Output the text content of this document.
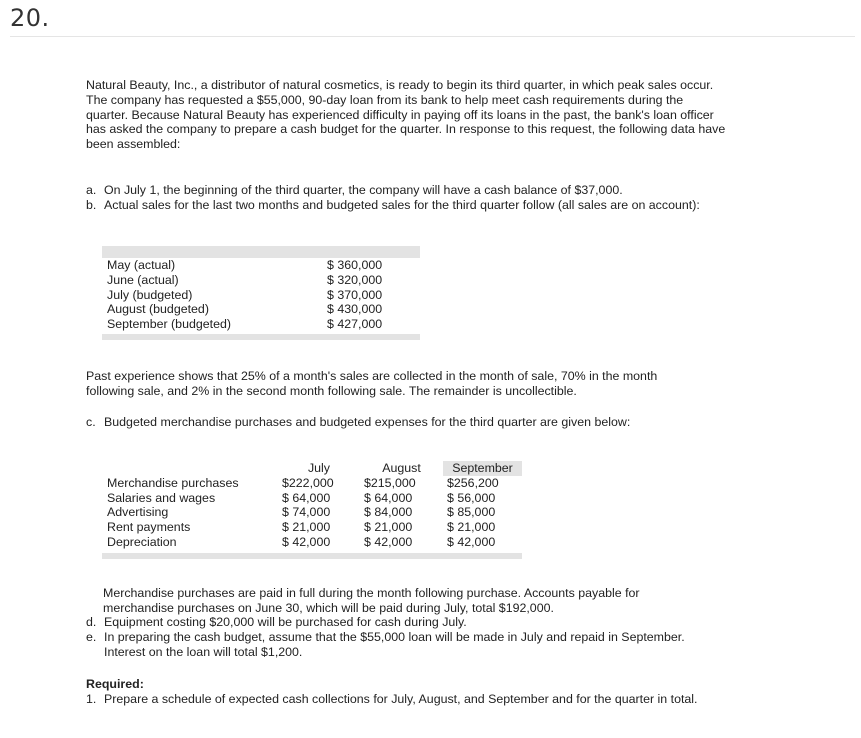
20.
Natural Beauty, Inc., a distributor of natural cosmetics, is ready to begin its third quarter, in which peak sales occur. The company has requested a $55,000, 90-day loan from its bank to help meet cash requirements during the quarter. Because Natural Beauty has experienced difficulty in paying off its loans in the past, the bank's loan officer has asked the company to prepare a cash budget for the quarter. In response to this request, the following data have been assembled:
a. On July 1, the beginning of the third quarter, the company will have a cash balance of $37,000.
b. Actual sales for the last two months and budgeted sales for the third quarter follow (all sales are on account):
May (actual)	$ 360,000
June (actual)	$ 320,000
July (budgeted)	$ 370,000
August (budgeted)	$ 430,000
September (budgeted)	$ 427,000
Past experience shows that 25% of a month's sales are collected in the month of sale, 70% in the month following sale, and 2% in the second month following sale. The remainder is uncollectible.
c. Budgeted merchandise purchases and budgeted expenses for the third quarter are given below:
July	August	September
Merchandise purchases	$222,000	$215,000	$256,200
Salaries and wages	$ 64,000	$ 64,000	$ 56,000
Advertising	$ 74,000	$ 84,000	$ 85,000
Rent payments	$ 21,000	$ 21,000	$ 21,000
Depreciation	$ 42,000	$ 42,000	$ 42,000
Merchandise purchases are paid in full during the month following purchase. Accounts payable for merchandise purchases on June 30, which will be paid during July, total $192,000.
d. Equipment costing $20,000 will be purchased for cash during July.
e. In preparing the cash budget, assume that the $55,000 loan will be made in July and repaid in September. Interest on the loan will total $1,200.
Required:
1. Prepare a schedule of expected cash collections for July, August, and September and for the quarter in total.
